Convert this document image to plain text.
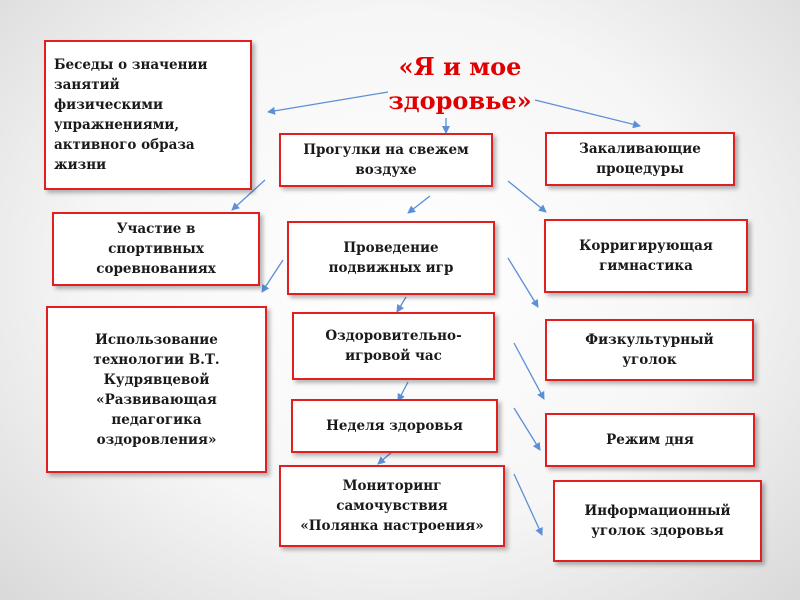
«Я и мое
здоровье»
Беседы о значении
занятий
физическими
упражнениями,
активного образа
жизни
Прогулки на свежем
воздухе
Закаливающие
процедуры
Участие в
спортивных
соревнованиях
Проведение
подвижных игр
Корригирующая
гимнастика
Использование
технологии В.Т.
Кудрявцевой
«Развивающая
педагогика
оздоровления»
Оздоровительно-
игровой час
Физкультурный
уголок
Неделя здоровья
Режим дня
Мониторинг
самочувствия
«Полянка настроения»
Информационный
уголок здоровья
